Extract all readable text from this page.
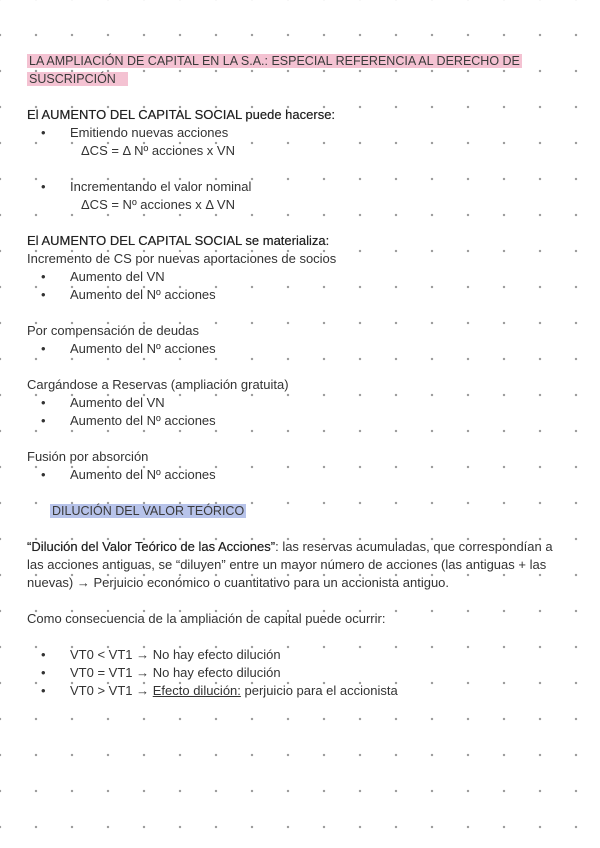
LA AMPLIACIÓN DE CAPITAL EN LA S.A.: ESPECIAL REFERENCIA AL DERECHO DE
SUSCRIPCIÓN
El AUMENTO DEL CAPITAL SOCIAL puede hacerse:
Emitiendo nuevas acciones
ΔCS = Δ Nº acciones x VN
Incrementando el valor nominal
ΔCS = Nº acciones x Δ VN
El AUMENTO DEL CAPITAL SOCIAL se materializa:
Incremento de CS por nuevas aportaciones de socios
Aumento del VN
Aumento del Nº acciones
Por compensación de deudas
Aumento del Nº acciones
Cargándose a Reservas (ampliación gratuita)
Aumento del VN
Aumento del Nº acciones
Fusión por absorción
Aumento del Nº acciones
DILUCIÓN DEL VALOR TEÓRICO
“Dilución del Valor Teórico de las Acciones”: las reservas acumuladas, que correspondían a las acciones antiguas, se “diluyen” entre un mayor número de acciones (las antiguas + las nuevas) → Perjuicio económico o cuantitativo para un accionista antiguo.
Como consecuencia de la ampliación de capital puede ocurrir:
VT0 < VT1 → No hay efecto dilución
VT0 = VT1 → No hay efecto dilución
VT0 > VT1 → Efecto dilución: perjuicio para el accionista
